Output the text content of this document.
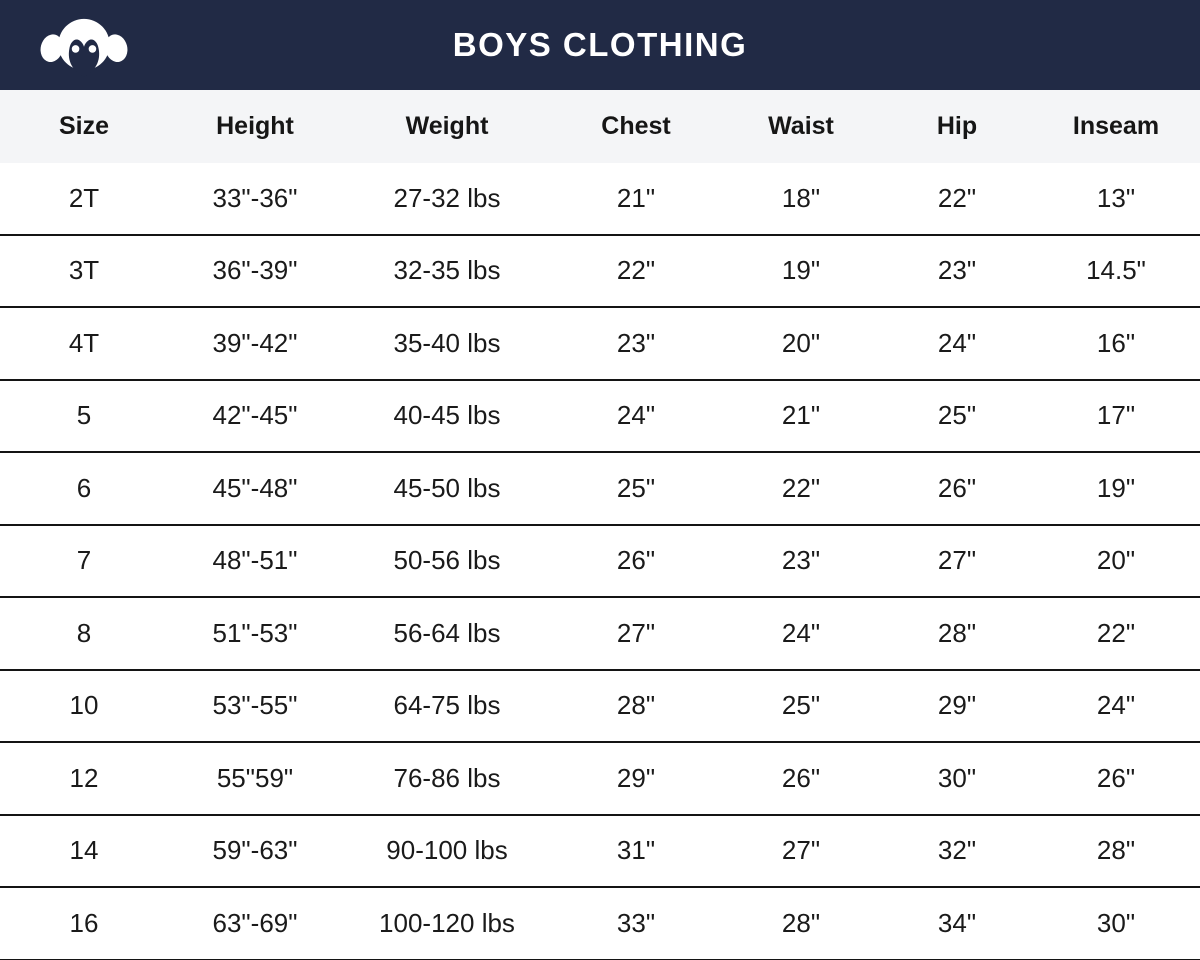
BOYS CLOTHING
Size	Height	Weight	Chest	Waist	Hip	Inseam
2T	33"-36"	27-32 lbs	21"	18"	22"	13"
3T	36"-39"	32-35 lbs	22"	19"	23"	14.5"
4T	39"-42"	35-40 lbs	23"	20"	24"	16"
5	42"-45"	40-45 lbs	24"	21"	25"	17"
6	45"-48"	45-50 lbs	25"	22"	26"	19"
7	48"-51"	50-56 lbs	26"	23"	27"	20"
8	51"-53"	56-64 lbs	27"	24"	28"	22"
10	53"-55"	64-75 lbs	28"	25"	29"	24"
12	55"59"	76-86 lbs	29"	26"	30"	26"
14	59"-63"	90-100 lbs	31"	27"	32"	28"
16	63"-69"	100-120 lbs	33"	28"	34"	30"
